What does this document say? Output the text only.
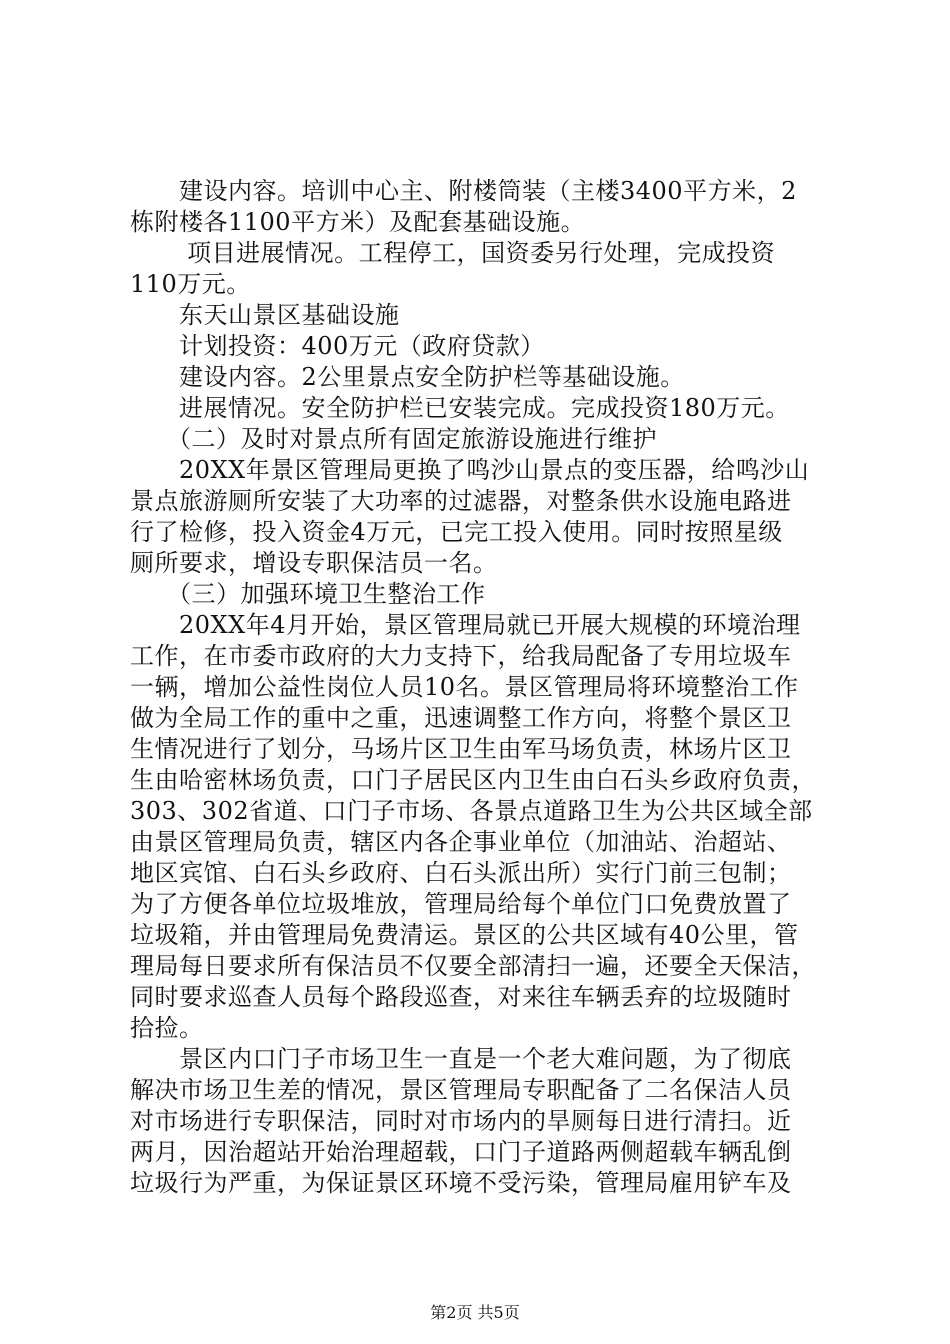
　　建设内容。培训中心主、附楼筒装（主楼3400平方米，2
栋附楼各1100平方米）及配套基础设施。
　　 项目进展情况。工程停工，国资委另行处理，完成投资
110万元。
　　东天山景区基础设施
　　计划投资：400万元（政府贷款）
　　建设内容。2公里景点安全防护栏等基础设施。
　　进展情况。安全防护栏已安装完成。完成投资180万元。
　　（二）及时对景点所有固定旅游设施进行维护
　　20XX年景区管理局更换了鸣沙山景点的变压器，给鸣沙山
景点旅游厕所安装了大功率的过滤器，对整条供水设施电路进
行了检修，投入资金4万元，已完工投入使用。同时按照星级
厕所要求，增设专职保洁员一名。
　　（三）加强环境卫生整治工作
　　20XX年4月开始，景区管理局就已开展大规模的环境治理
工作，在市委市政府的大力支持下，给我局配备了专用垃圾车
一辆，增加公益性岗位人员10名。景区管理局将环境整治工作
做为全局工作的重中之重，迅速调整工作方向，将整个景区卫
生情况进行了划分，马场片区卫生由军马场负责，林场片区卫
生由哈密林场负责，口门子居民区内卫生由白石头乡政府负责，
303、302省道、口门子市场、各景点道路卫生为公共区域全部
由景区管理局负责，辖区内各企事业单位（加油站、治超站、
地区宾馆、白石头乡政府、白石头派出所）实行门前三包制；
为了方便各单位垃圾堆放，管理局给每个单位门口免费放置了
垃圾箱，并由管理局免费清运。景区的公共区域有40公里，管
理局每日要求所有保洁员不仅要全部清扫一遍，还要全天保洁，
同时要求巡查人员每个路段巡查，对来往车辆丢弃的垃圾随时
拾捡。
　　景区内口门子市场卫生一直是一个老大难问题，为了彻底
解决市场卫生差的情况，景区管理局专职配备了二名保洁人员
对市场进行专职保洁，同时对市场内的旱厕每日进行清扫。近
两月，因治超站开始治理超载，口门子道路两侧超载车辆乱倒
垃圾行为严重，为保证景区环境不受污染，管理局雇用铲车及
第2页 共5页
